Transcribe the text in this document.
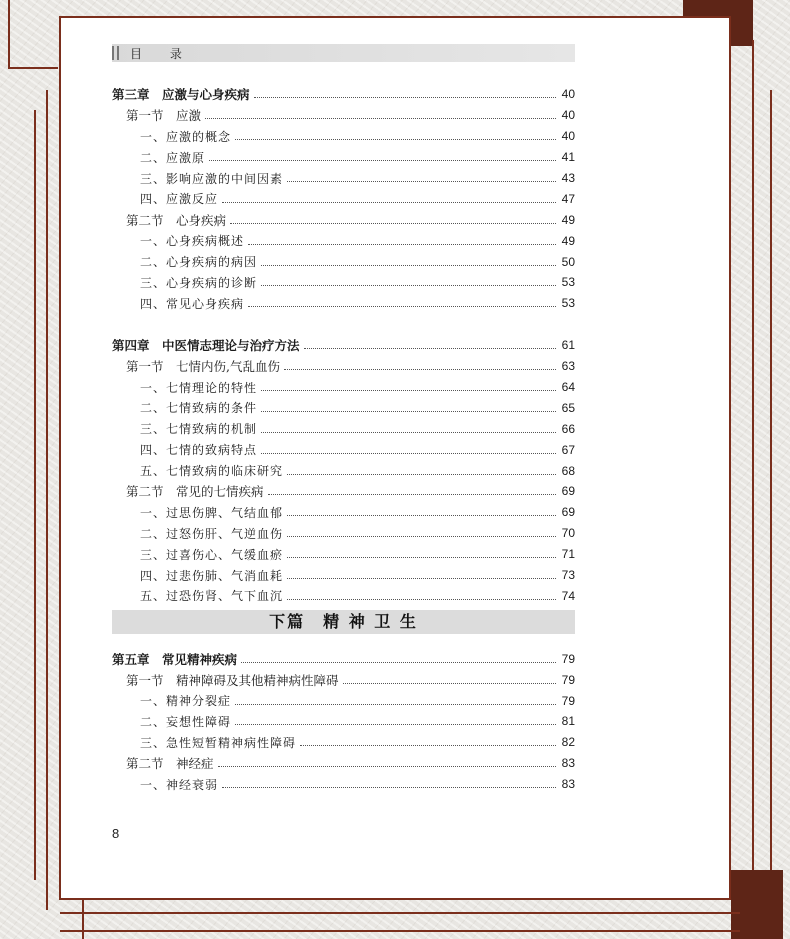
目 录
第三章　应激与心身疾病	40
第一节　应激	40
一、应激的概念	40
二、应激原	41
三、影响应激的中间因素	43
四、应激反应	47
第二节　心身疾病	49
一、心身疾病概述	49
二、心身疾病的病因	50
三、心身疾病的诊断	53
四、常见心身疾病	53
第四章　中医情志理论与治疗方法	61
第一节　七情内伤,气乱血伤	63
一、七情理论的特性	64
二、七情致病的条件	65
三、七情致病的机制	66
四、七情的致病特点	67
五、七情致病的临床研究	68
第二节　常见的七情疾病	69
一、过思伤脾、气结血郁	69
二、过怒伤肝、气逆血伤	70
三、过喜伤心、气缓血瘀	71
四、过悲伤肺、气消血耗	73
五、过恐伤肾、气下血沉	74
下篇　精 神 卫 生
第五章　常见精神疾病	79
第一节　精神障碍及其他精神病性障碍	79
一、精神分裂症	79
二、妄想性障碍	81
三、急性短暂精神病性障碍	82
第二节　神经症	83
一、神经衰弱	83
8
